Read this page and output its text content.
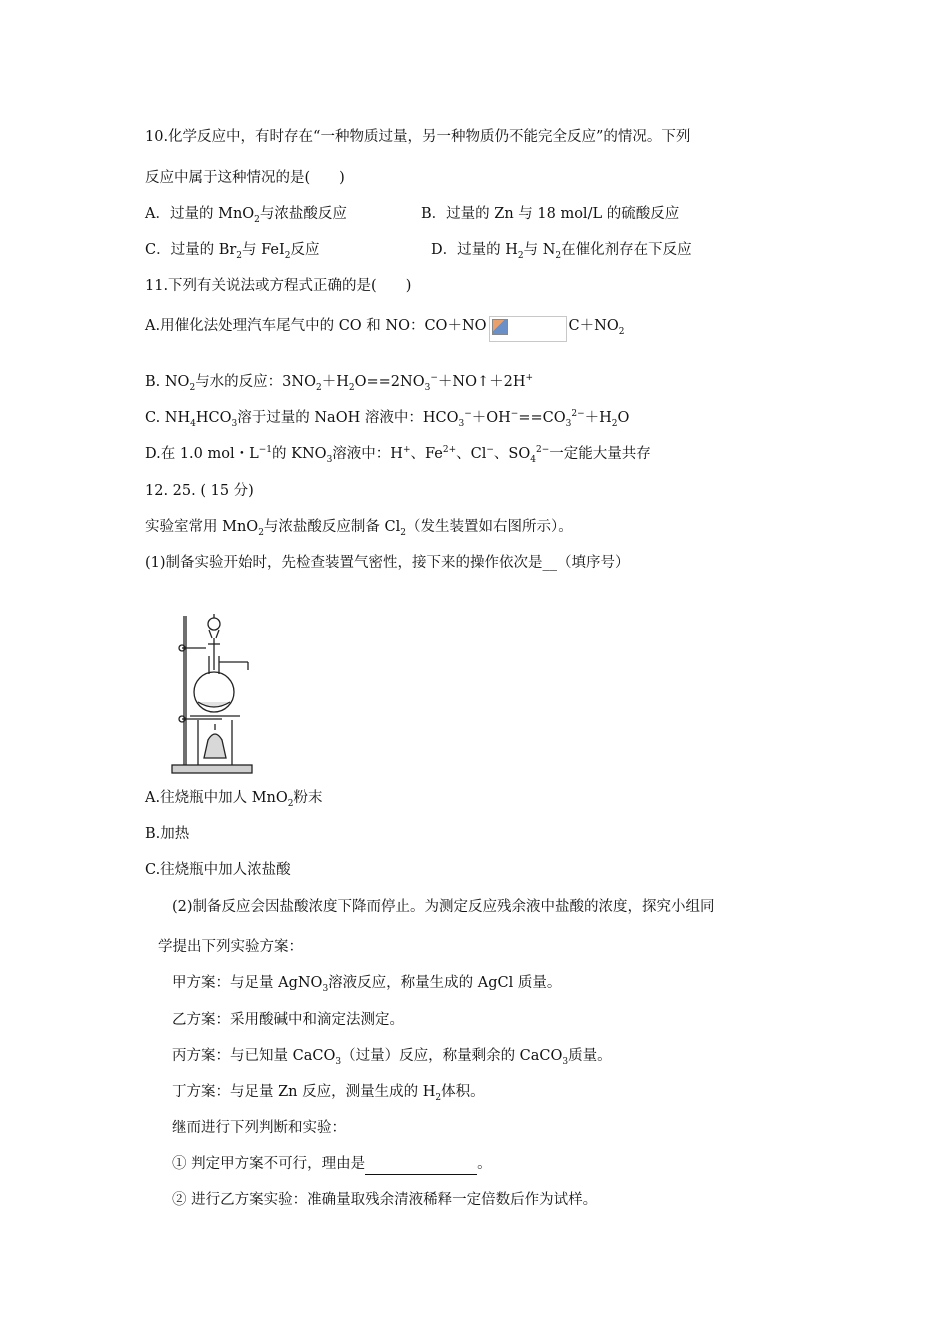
10.化学反应中，有时存在“一种物质过量，另一种物质仍不能完全反应”的情况。下列
反应中属于这种情况的是(　　)
A．过量的 MnO$_2$与浓盐酸反应	B．过量的 Zn 与 18 mol/L 的硫酸反应
C．过量的 $Br_2$与 FeI$_2$反应	D．过量的 $H_2$与 $N_2$在催化剂存在下反应
11.下列有关说法或方程式正确的是(　　)
A.用催化法处理汽车尾气中的 CO 和 NO：CO＋NO	$C+NO_2$
B. $NO_2$与水的反应：$3NO_2+H_2O==2NO_3^-+NO↑+2H^+$
C. $NH_4HCO_3$溶于过量的 NaOH 溶液中：$HCO_3^-+OH^-==CO_3^{2-}+H_2O$
D.在 1.0 mol・$L^{-1}$的 $KNO_3$溶液中：H+、$Fe^{2+}$、Cl−、$SO_4^{2-}$一定能大量共存
12. 25. ( 15 分)
实验室常用 MnO$_2$与浓盐酸反应制备 $Cl_2$（发生装置如右图所示）。
(1)制备实验开始时，先检查装置气密性，接下来的操作依次是__（填序号）
A.往烧瓶中加人 MnO$_2$粉末
B.加热
C.往烧瓶中加人浓盐酸
(2)制备反应会因盐酸浓度下降而停止。为测定反应残余液中盐酸的浓度，探究小组同
学提出下列实验方案：
甲方案：与足量 AgNO$_3$溶液反应，称量生成的 AgCl 质量。
乙方案：采用酸碱中和滴定法测定。
丙方案：与已知量 CaCO$_3$（过量）反应，称量剩余的 CaCO$_3$质量。
丁方案：与足量 Zn 反应，测量生成的 $H_2$体积。
继而进行下列判断和实验：
① 判定甲方案不可行，理由是	。
② 进行乙方案实验：准确量取残余清液稀释一定倍数后作为试样。
